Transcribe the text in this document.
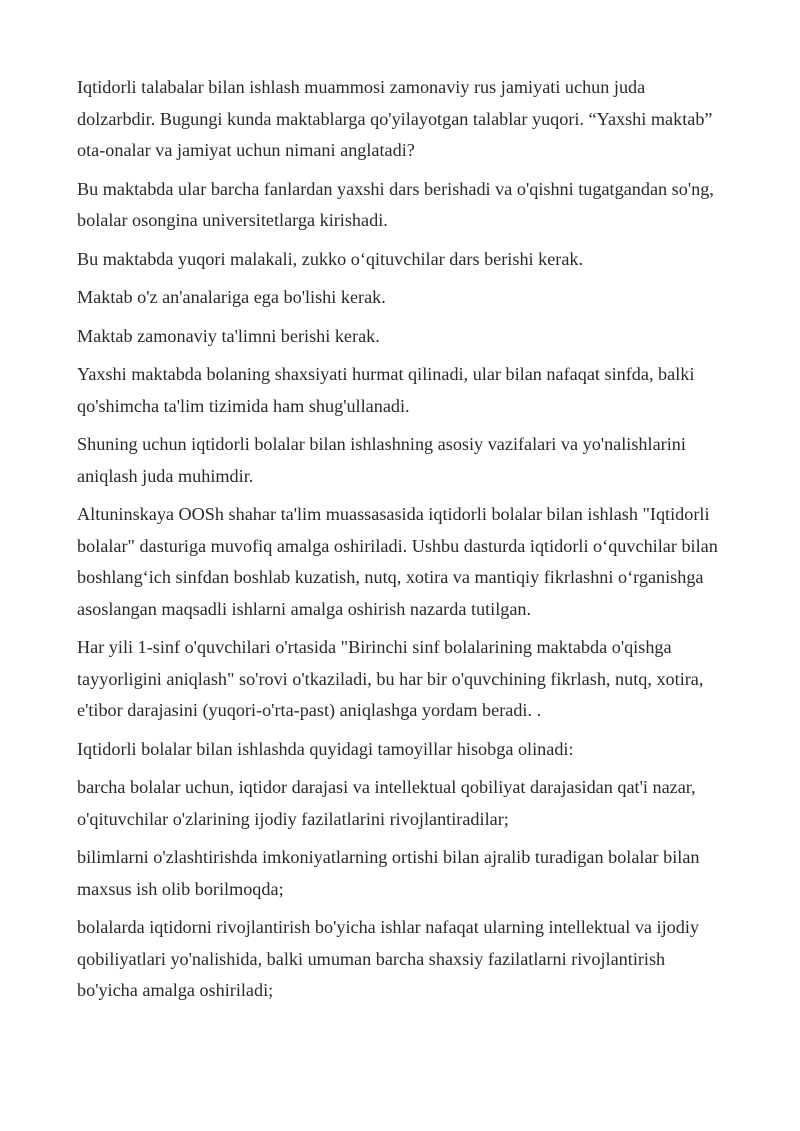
Iqtidorli talabalar bilan ishlash muammosi zamonaviy rus jamiyati uchun juda
dolzarbdir. Bugungi kunda maktablarga qo'yilayotgan talablar yuqori. “Yaxshi maktab”
ota-onalar va jamiyat uchun nimani anglatadi?

Bu maktabda ular barcha fanlardan yaxshi dars berishadi va o'qishni tugatgandan so'ng,
bolalar osongina universitetlarga kirishadi.

Bu maktabda yuqori malakali, zukko o‘qituvchilar dars berishi kerak.

Maktab o'z an'analariga ega bo'lishi kerak.

Maktab zamonaviy ta'limni berishi kerak.

Yaxshi maktabda bolaning shaxsiyati hurmat qilinadi, ular bilan nafaqat sinfda, balki
qo'shimcha ta'lim tizimida ham shug'ullanadi.

Shuning uchun iqtidorli bolalar bilan ishlashning asosiy vazifalari va yo'nalishlarini
aniqlash juda muhimdir.

Altuninskaya OOSh shahar ta'lim muassasasida iqtidorli bolalar bilan ishlash "Iqtidorli
bolalar" dasturiga muvofiq amalga oshiriladi. Ushbu dasturda iqtidorli o‘quvchilar bilan
boshlang‘ich sinfdan boshlab kuzatish, nutq, xotira va mantiqiy fikrlashni o‘rganishga
asoslangan maqsadli ishlarni amalga oshirish nazarda tutilgan.

Har yili 1-sinf o'quvchilari o'rtasida "Birinchi sinf bolalarining maktabda o'qishga
tayyorligini aniqlash" so'rovi o'tkaziladi, bu har bir o'quvchining fikrlash, nutq, xotira,
e'tibor darajasini (yuqori-o'rta-past) aniqlashga yordam beradi. .

Iqtidorli bolalar bilan ishlashda quyidagi tamoyillar hisobga olinadi:

barcha bolalar uchun, iqtidor darajasi va intellektual qobiliyat darajasidan qat'i nazar,
o'qituvchilar o'zlarining ijodiy fazilatlarini rivojlantiradilar;

bilimlarni o'zlashtirishda imkoniyatlarning ortishi bilan ajralib turadigan bolalar bilan
maxsus ish olib borilmoqda;

bolalarda iqtidorni rivojlantirish bo'yicha ishlar nafaqat ularning intellektual va ijodiy
qobiliyatlari yo'nalishida, balki umuman barcha shaxsiy fazilatlarni rivojlantirish
bo'yicha amalga oshiriladi;
